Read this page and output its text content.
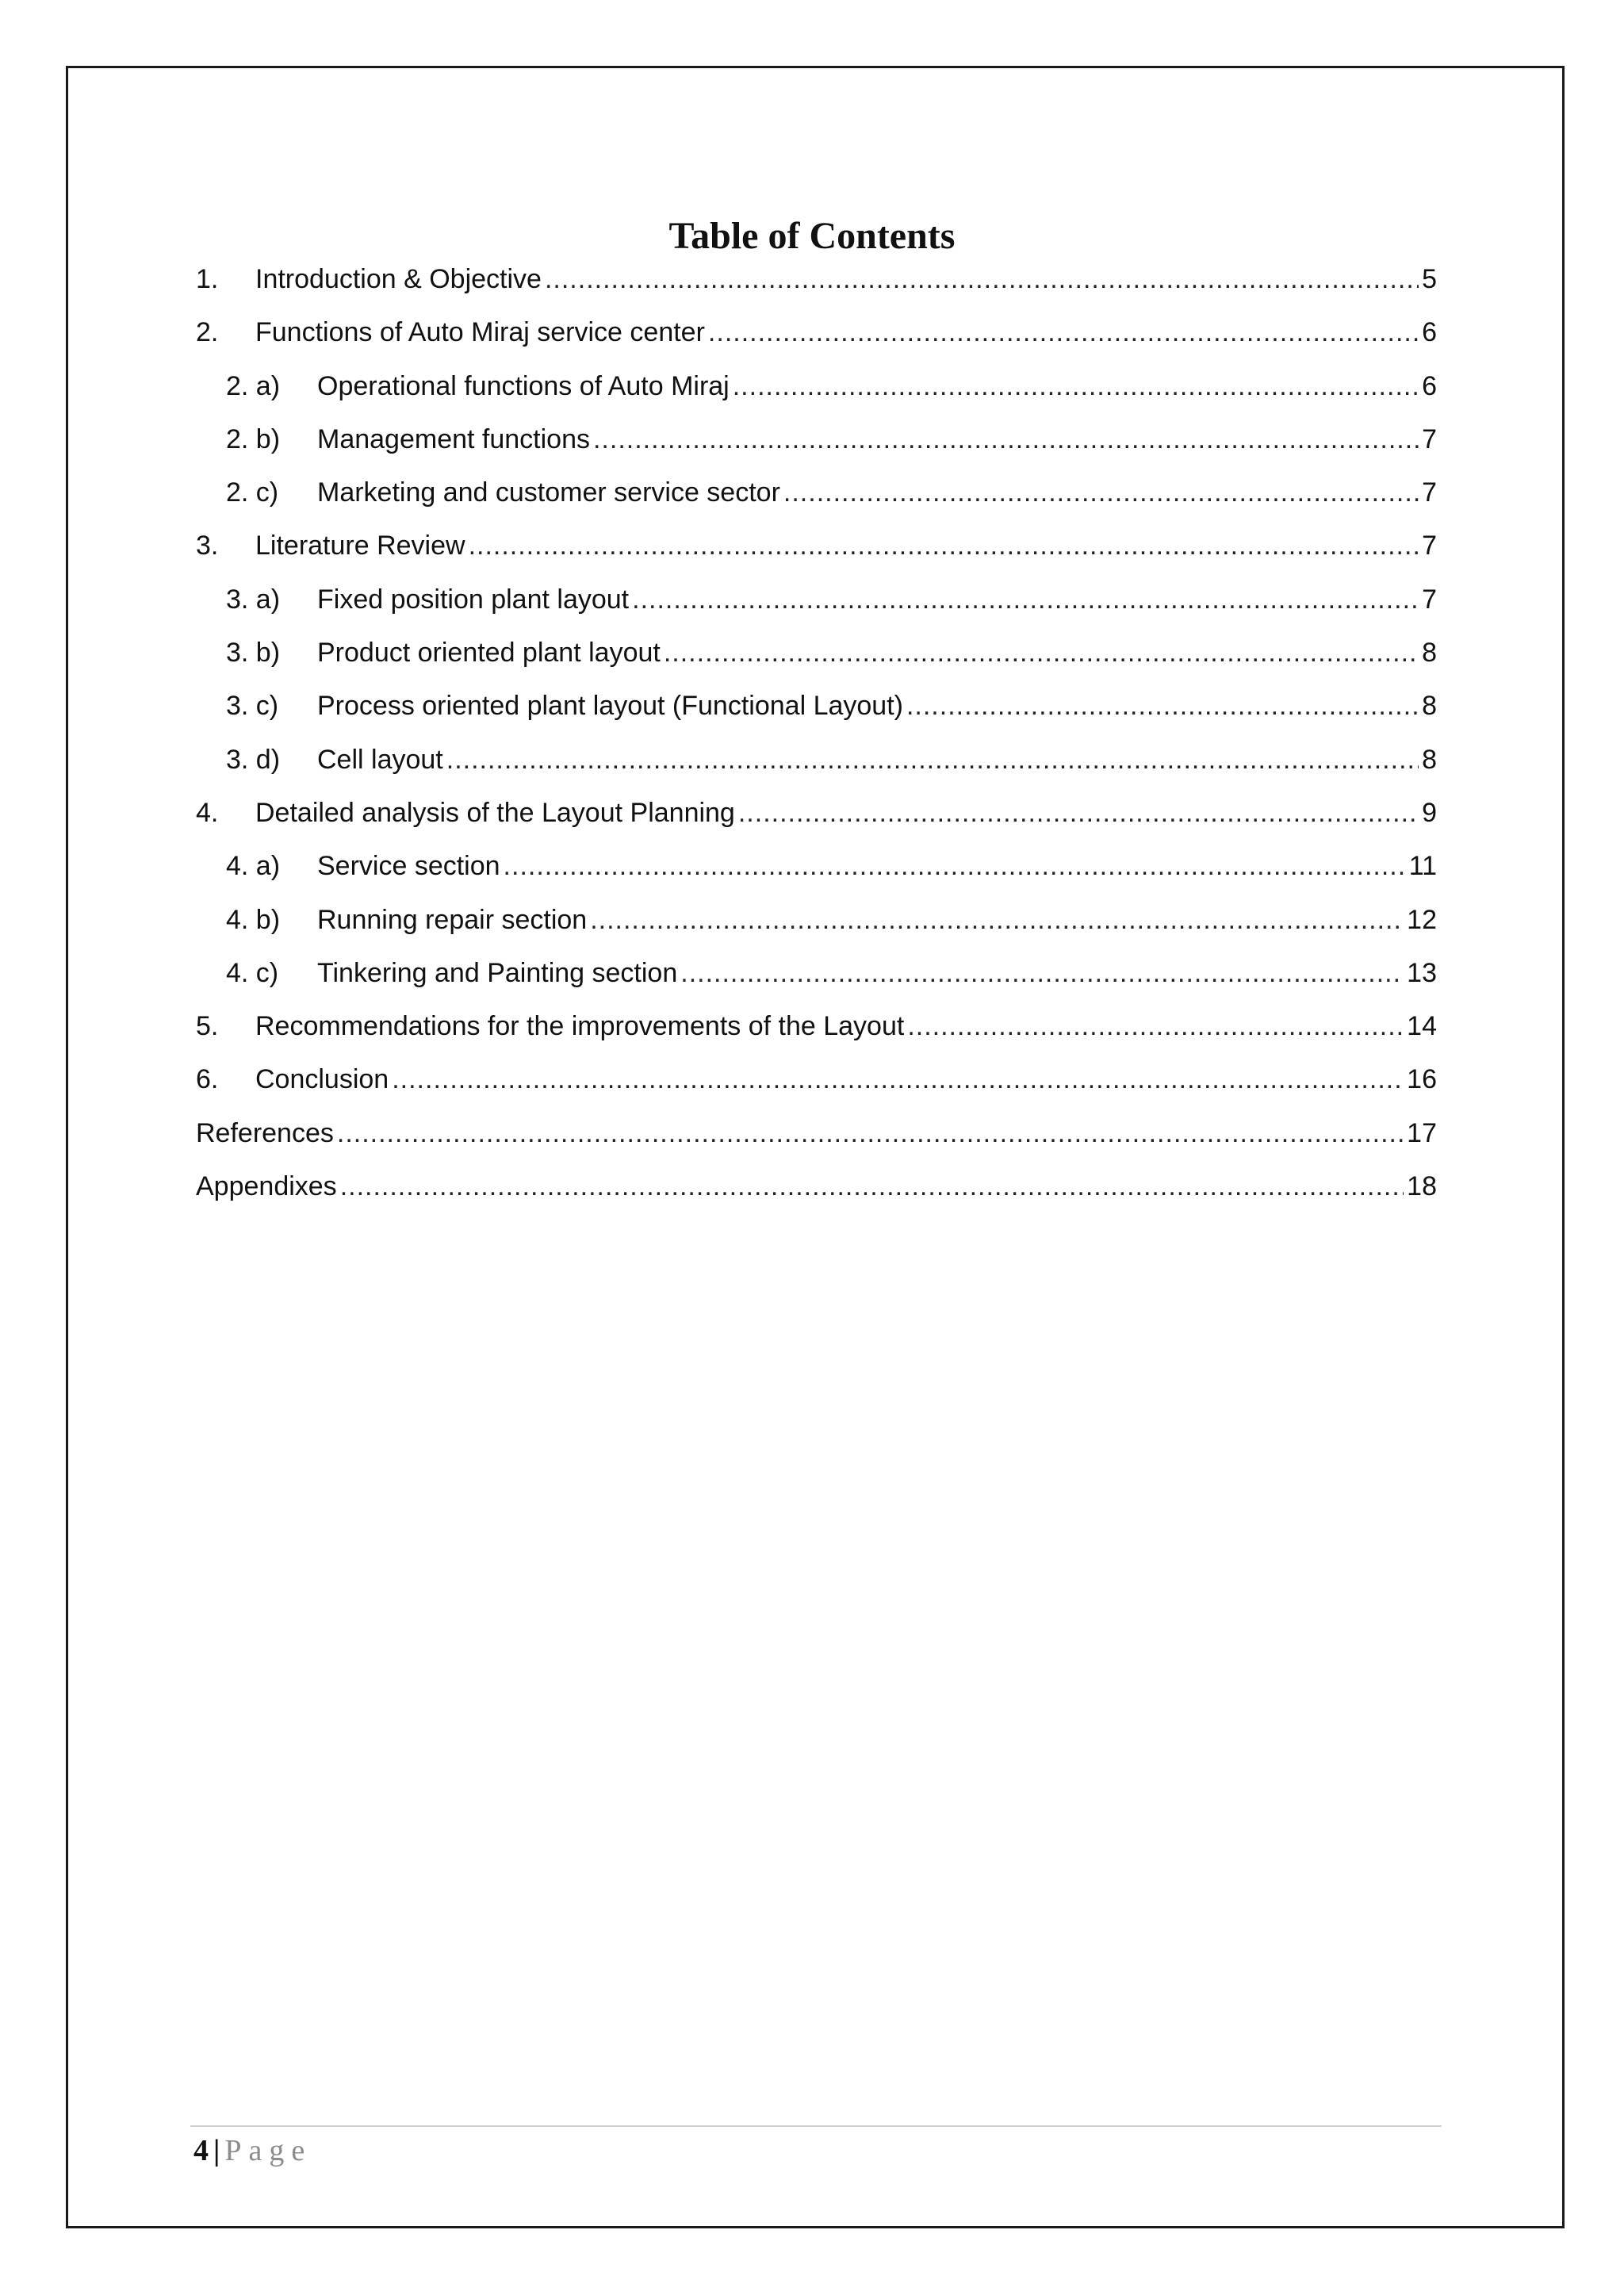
Table of Contents
1.	Introduction & Objective .....	5
2.	Functions of Auto Miraj service center .....	6
2. a)	Operational functions of Auto Miraj .....	6
2. b)	Management functions .....	7
2. c)	Marketing and customer service sector .....	7
3.	Literature Review .....	7
3. a)	Fixed position plant layout .....	7
3. b)	Product oriented plant layout .....	8
3. c)	Process oriented plant layout (Functional Layout) .....	8
3. d)	Cell layout .....	8
4.	Detailed analysis of the Layout Planning .....	9
4. a)	Service section .....	11
4. b)	Running repair section .....	12
4. c)	Tinkering and Painting section .....	13
5.	Recommendations for the improvements of the Layout .....	14
6.	Conclusion .....	16
References .....	17
Appendixes .....	18
4 | Page
